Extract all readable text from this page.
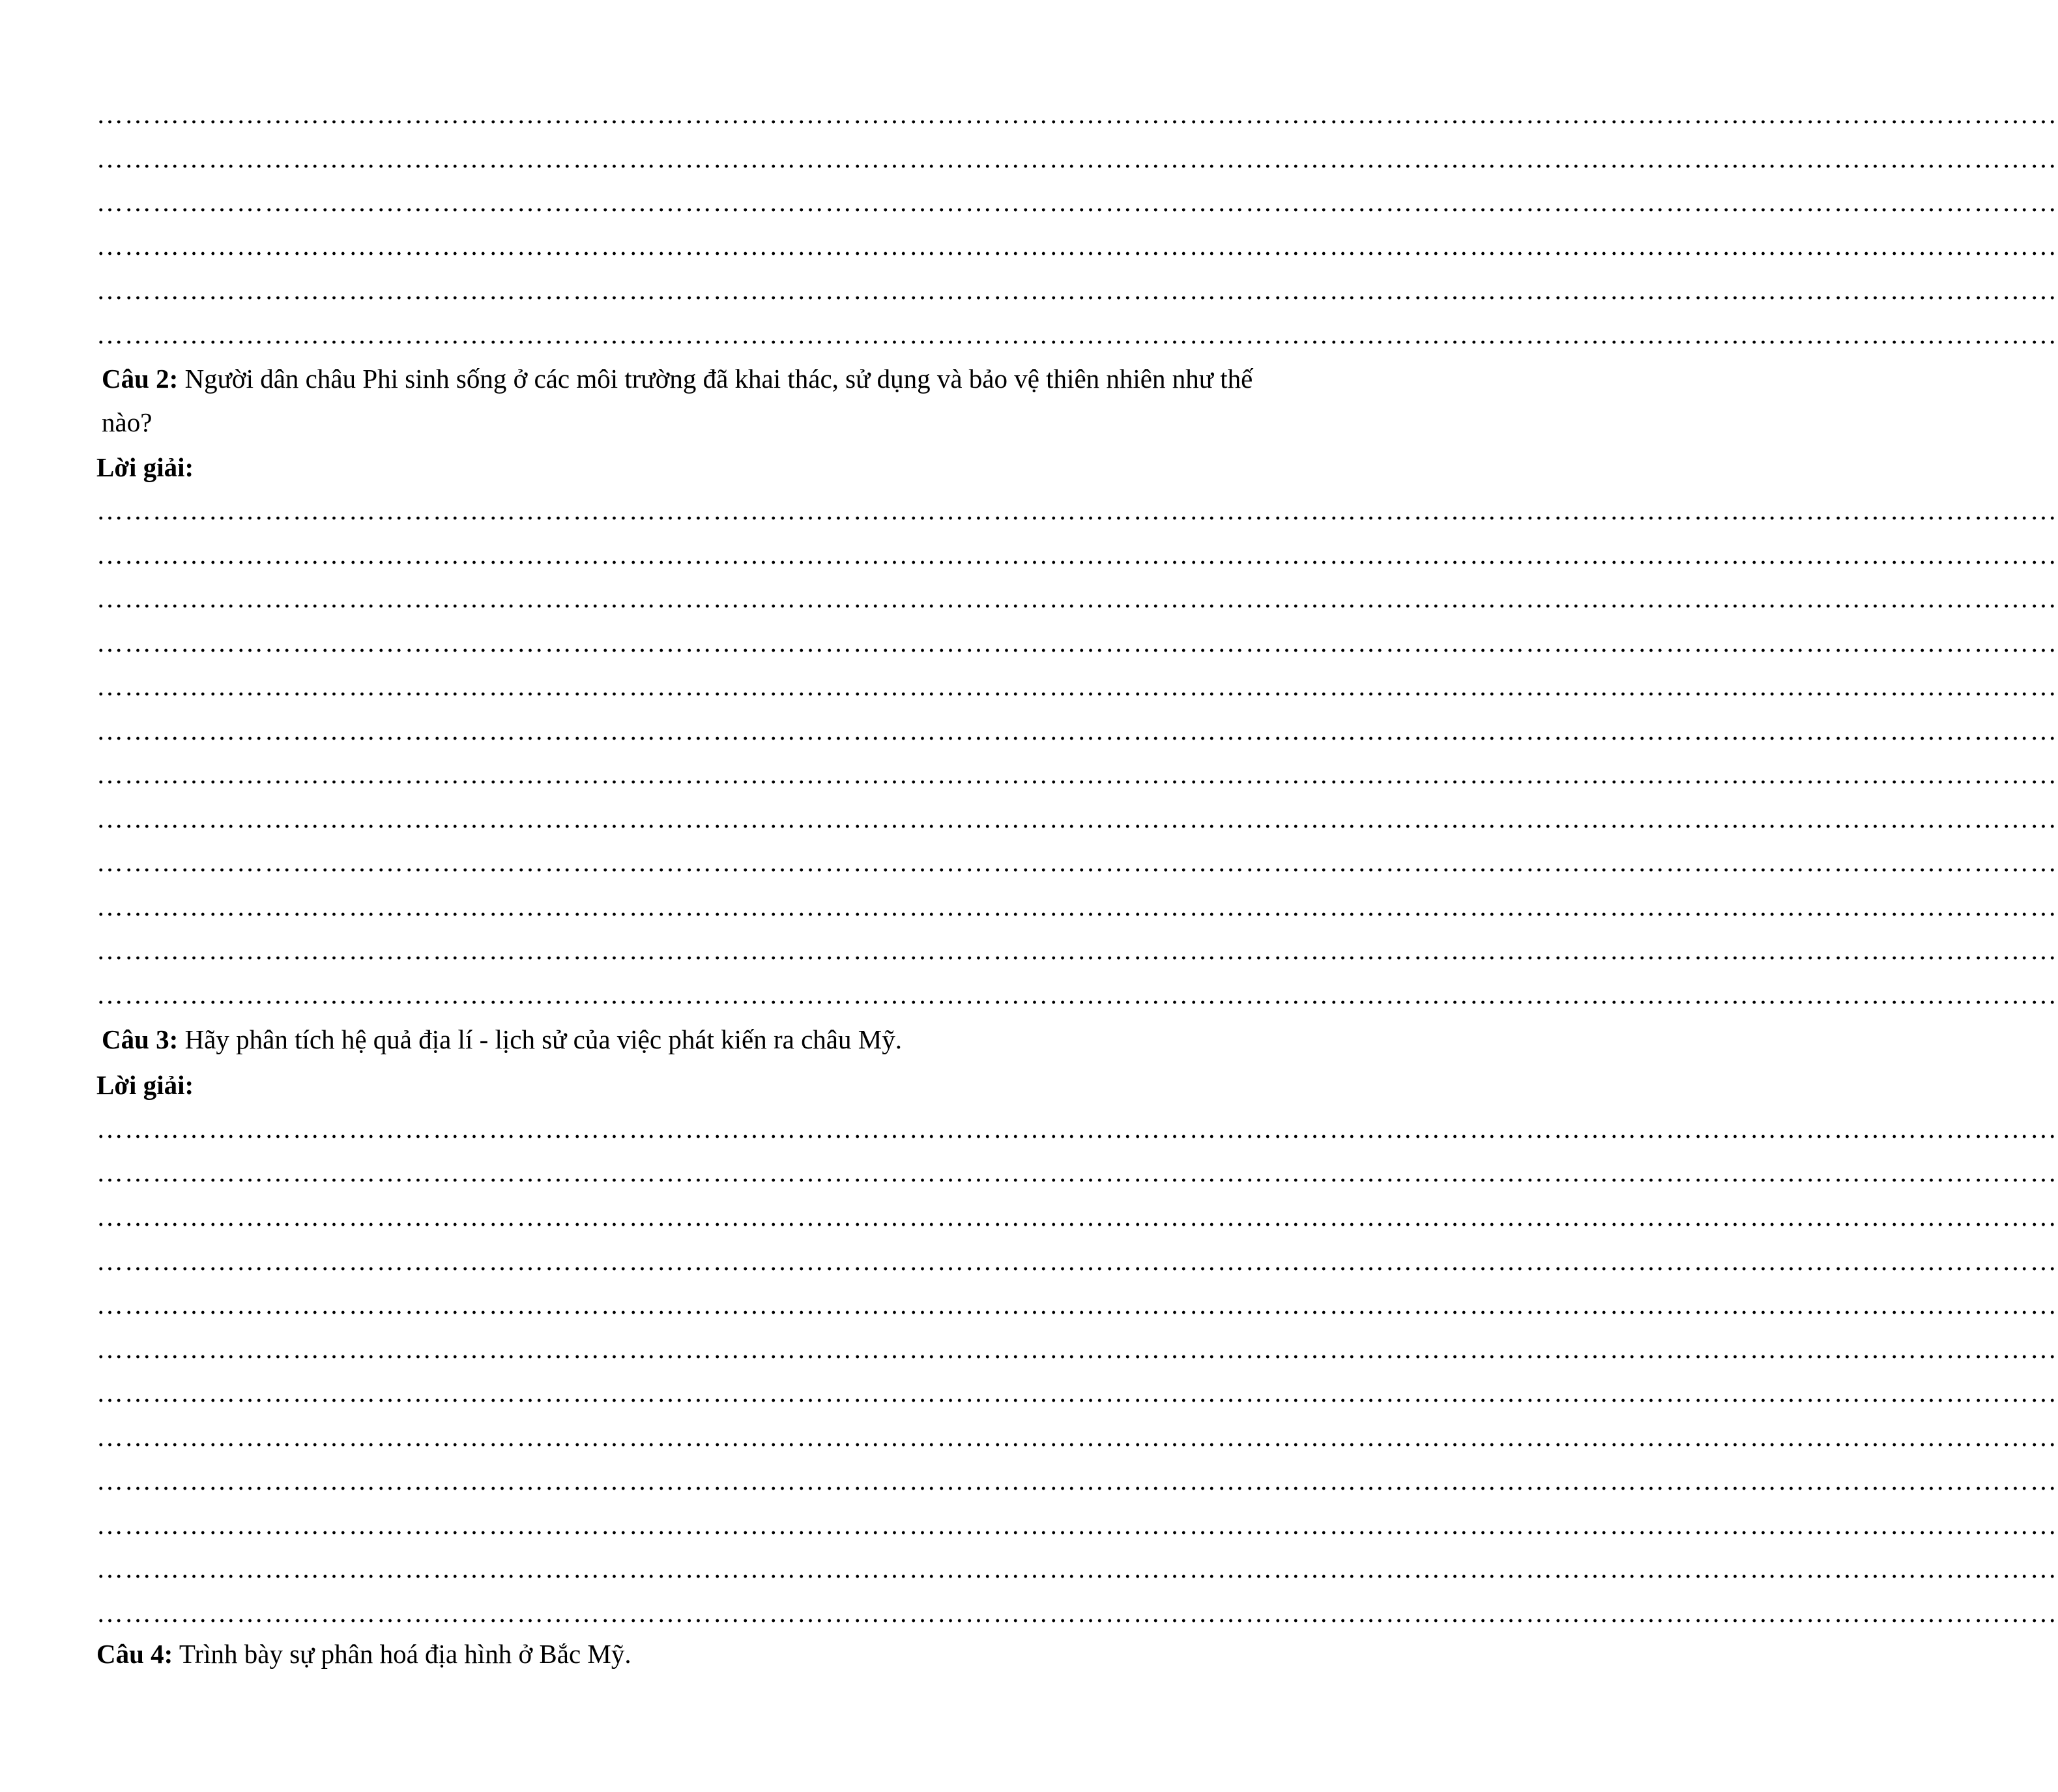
…………………………………………………………………………………………………………………………………………………………………………………………
…………………………………………………………………………………………………………………………………………………………………………………………
…………………………………………………………………………………………………………………………………………………………………………………………
…………………………………………………………………………………………………………………………………………………………………………………………
…………………………………………………………………………………………………………………………………………………………………………………………
…………………………………………………………………………………………………………………………………………………………………………………………
Câu 2: Người dân châu Phi sinh sống ở các môi trường đã khai thác, sử dụng và bảo vệ thiên nhiên như thế nào?
Lời giải:
…………………………………………………………………………………………………………………………………………………………………………………………
…………………………………………………………………………………………………………………………………………………………………………………………
…………………………………………………………………………………………………………………………………………………………………………………………
…………………………………………………………………………………………………………………………………………………………………………………………
…………………………………………………………………………………………………………………………………………………………………………………………
…………………………………………………………………………………………………………………………………………………………………………………………
…………………………………………………………………………………………………………………………………………………………………………………………
…………………………………………………………………………………………………………………………………………………………………………………………
…………………………………………………………………………………………………………………………………………………………………………………………
…………………………………………………………………………………………………………………………………………………………………………………………
…………………………………………………………………………………………………………………………………………………………………………………………
…………………………………………………………………………………………………………………………………………………………………………………………
Câu 3: Hãy phân tích hệ quả địa lí - lịch sử của việc phát kiến ra châu Mỹ.
Lời giải:
…………………………………………………………………………………………………………………………………………………………………………………………
…………………………………………………………………………………………………………………………………………………………………………………………
…………………………………………………………………………………………………………………………………………………………………………………………
…………………………………………………………………………………………………………………………………………………………………………………………
…………………………………………………………………………………………………………………………………………………………………………………………
…………………………………………………………………………………………………………………………………………………………………………………………
…………………………………………………………………………………………………………………………………………………………………………………………
…………………………………………………………………………………………………………………………………………………………………………………………
…………………………………………………………………………………………………………………………………………………………………………………………
…………………………………………………………………………………………………………………………………………………………………………………………
…………………………………………………………………………………………………………………………………………………………………………………………
…………………………………………………………………………………………………………………………………………………………………………………………
Câu 4: Trình bày sự phân hoá địa hình ở Bắc Mỹ.
